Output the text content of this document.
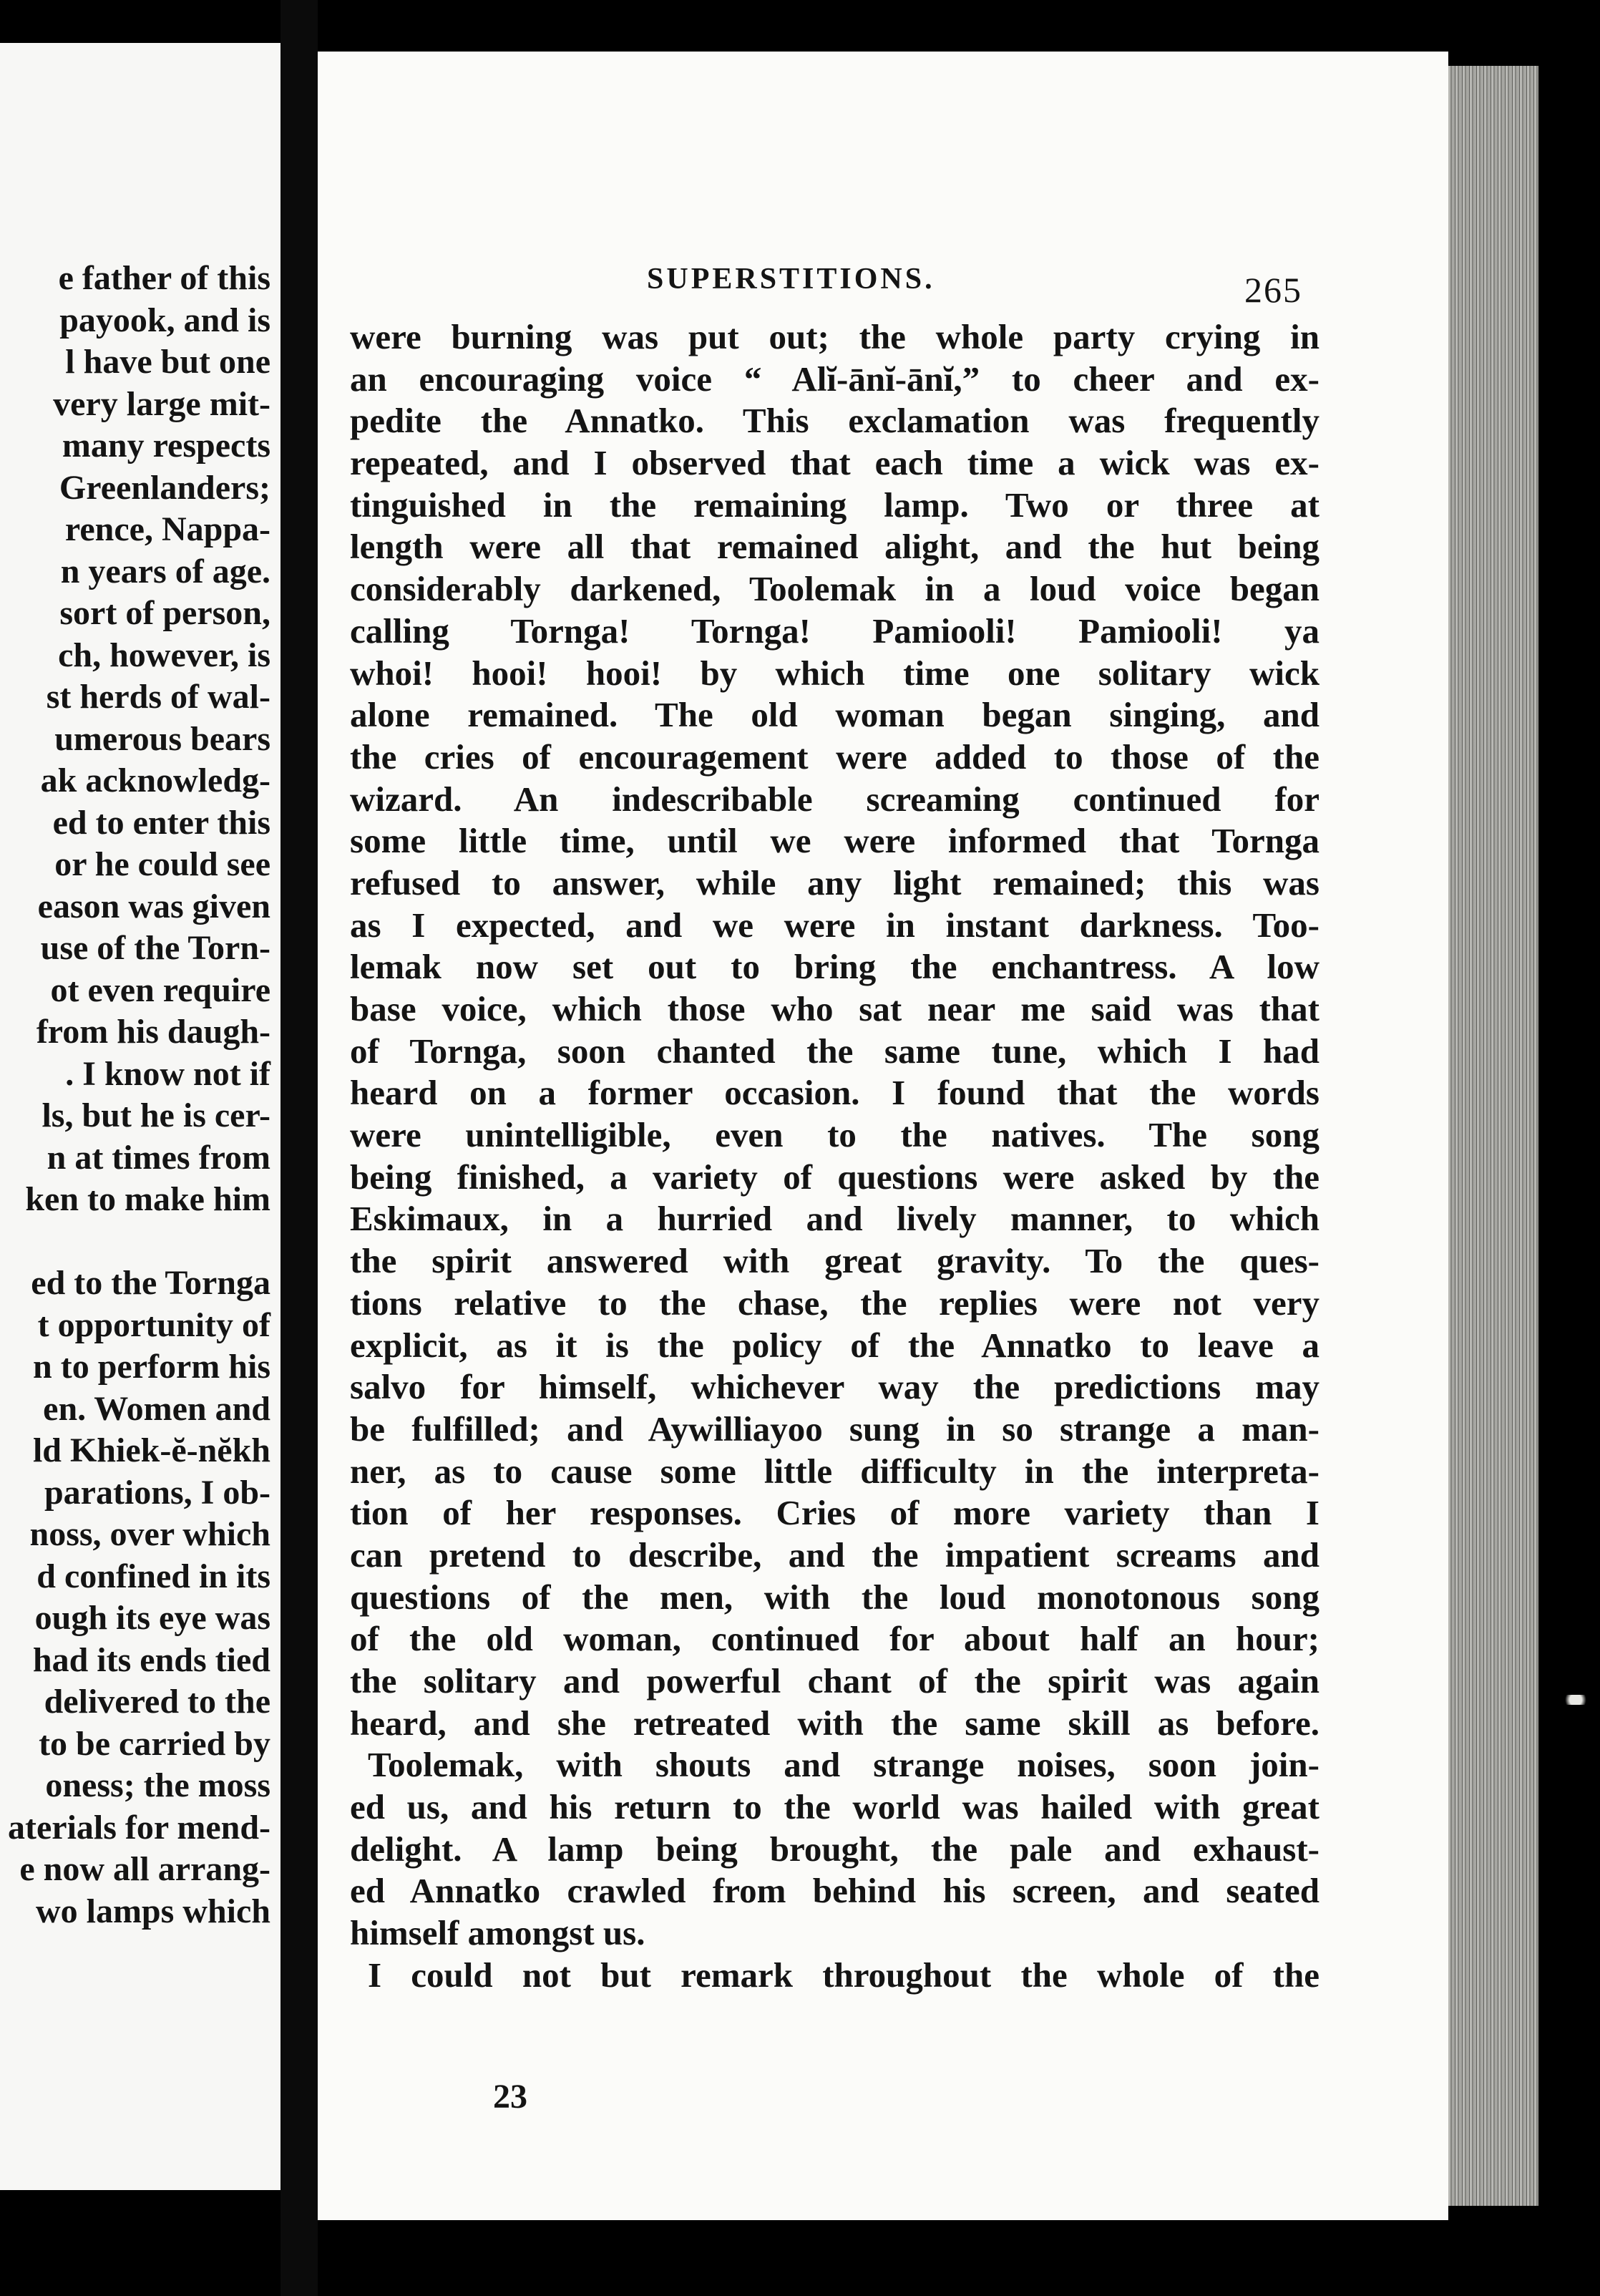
e father of this
payook, and is
l have but one
very large mit-
many respects
Greenlanders;
rence, Nappa-
n years of age.
sort of person,
ch, however, is
st herds of wal-
umerous bears
ak acknowledg-
ed to enter this
or he could see
eason was given
use of the Torn-
ot even require
from his daugh-
. I know not if
ls, but he is cer-
n at times from
ken to make him
ed to the Tornga
t opportunity of
n to perform his
en. Women and
ld Khiek-ĕ-nĕkh
parations, I ob-
noss, over which
d confined in its
ough its eye was
had its ends tied
delivered to the
to be carried by
oness; the moss
aterials for mend-
e now all arrang-
wo lamps which
SUPERSTITIONS.	265
were burning was put out; the whole party crying in
an encouraging voice “ Alĭ-ānĭ-ānĭ,” to cheer and ex-
pedite the Annatko. This exclamation was frequently
repeated, and I observed that each time a wick was ex-
tinguished in the remaining lamp. Two or three at
length were all that remained alight, and the hut being
considerably darkened, Toolemak in a loud voice began
calling Tornga! Tornga! Pamiooli! Pamiooli! ya
whoi! hooi! hooi! by which time one solitary wick
alone remained. The old woman began singing, and
the cries of encouragement were added to those of the
wizard. An indescribable screaming continued for
some little time, until we were informed that Tornga
refused to answer, while any light remained; this was
as I expected, and we were in instant darkness. Too-
lemak now set out to bring the enchantress. A low
base voice, which those who sat near me said was that
of Tornga, soon chanted the same tune, which I had
heard on a former occasion. I found that the words
were unintelligible, even to the natives. The song
being finished, a variety of questions were asked by the
Eskimaux, in a hurried and lively manner, to which
the spirit answered with great gravity. To the ques-
tions relative to the chase, the replies were not very
explicit, as it is the policy of the Annatko to leave a
salvo for himself, whichever way the predictions may
be fulfilled; and Aywilliayoo sung in so strange a man-
ner, as to cause some little difficulty in the interpreta-
tion of her responses. Cries of more variety than I
can pretend to describe, and the impatient screams and
questions of the men, with the loud monotonous song
of the old woman, continued for about half an hour;
the solitary and powerful chant of the spirit was again
heard, and she retreated with the same skill as before.
Toolemak, with shouts and strange noises, soon join-
ed us, and his return to the world was hailed with great
delight. A lamp being brought, the pale and exhaust-
ed Annatko crawled from behind his screen, and seated
himself amongst us.
I could not but remark throughout the whole of the
23
